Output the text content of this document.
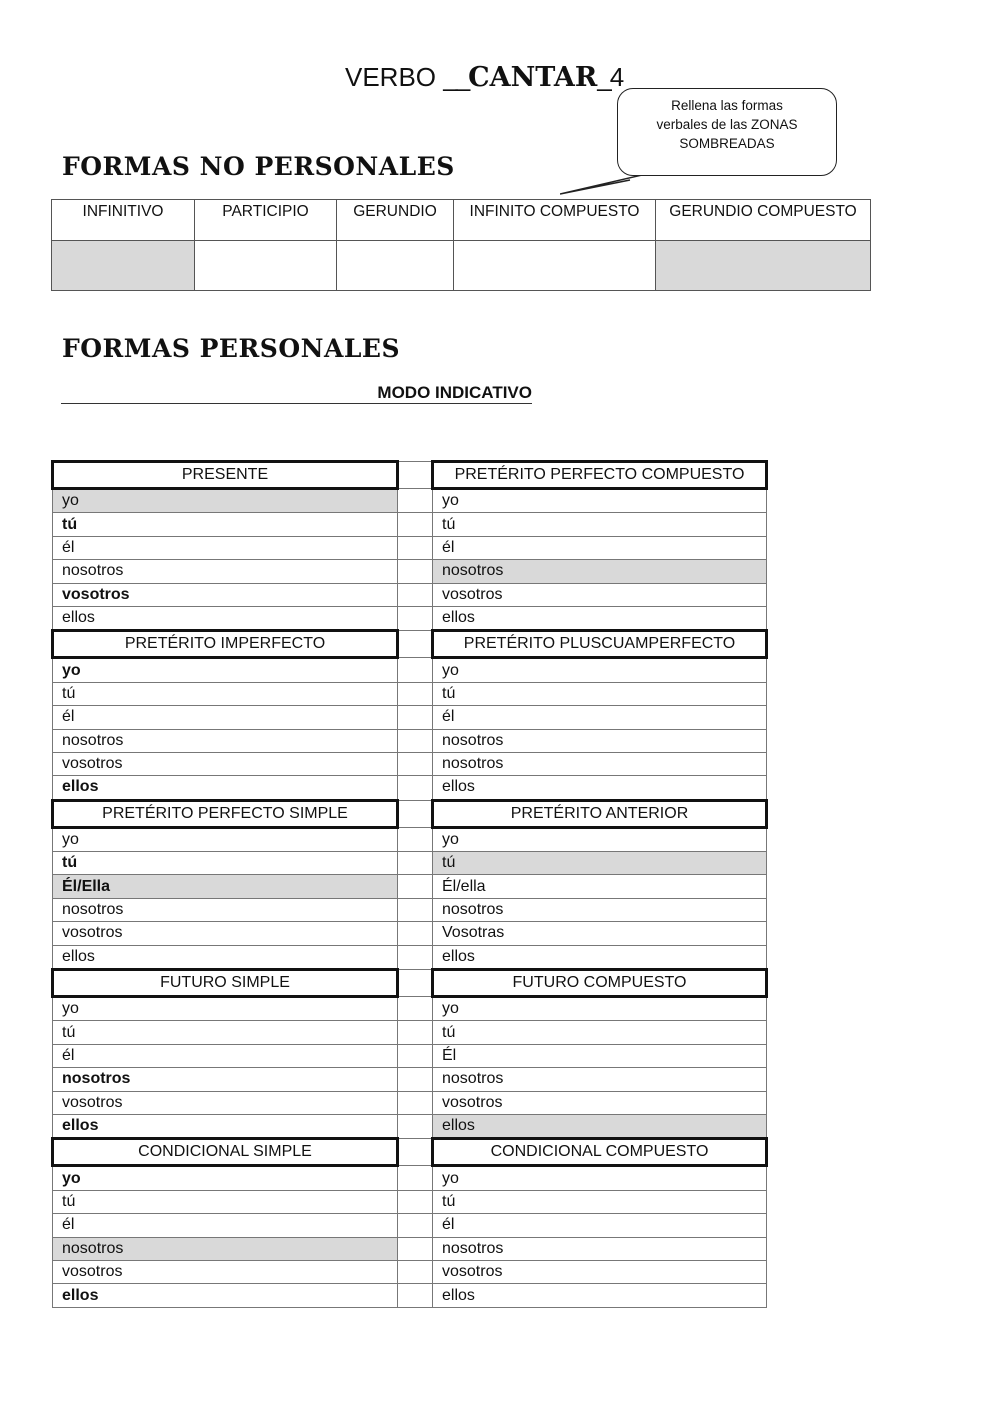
VERBO __CANTAR_4
Rellena las formas
verbales de las ZONAS
SOMBREADAS
FORMAS NO PERSONALES
INFINITIVO	PARTICIPIO	GERUNDIO	INFINITO COMPUESTO	GERUNDIO COMPUESTO

FORMAS PERSONALES
MODO INDICATIVO
PRESENTE		PRETÉRITO PERFECTO COMPUESTO
yo		yo
tú		tú
él		él
nosotros		nosotros
vosotros		vosotros
ellos		ellos
PRETÉRITO IMPERFECTO		PRETÉRITO PLUSCUAMPERFECTO
yo		yo
tú		tú
él		él
nosotros		nosotros
vosotros		nosotros
ellos		ellos
PRETÉRITO PERFECTO SIMPLE		PRETÉRITO ANTERIOR
yo		yo
tú		tú
Él/Ella		Él/ella
nosotros		nosotros
vosotros		Vosotras
ellos		ellos
FUTURO SIMPLE		FUTURO COMPUESTO
yo		yo
tú		tú
él		Él
nosotros		nosotros
vosotros		vosotros
ellos		ellos
CONDICIONAL SIMPLE		CONDICIONAL COMPUESTO
yo		yo
tú		tú
él		él
nosotros		nosotros
vosotros		vosotros
ellos		ellos
